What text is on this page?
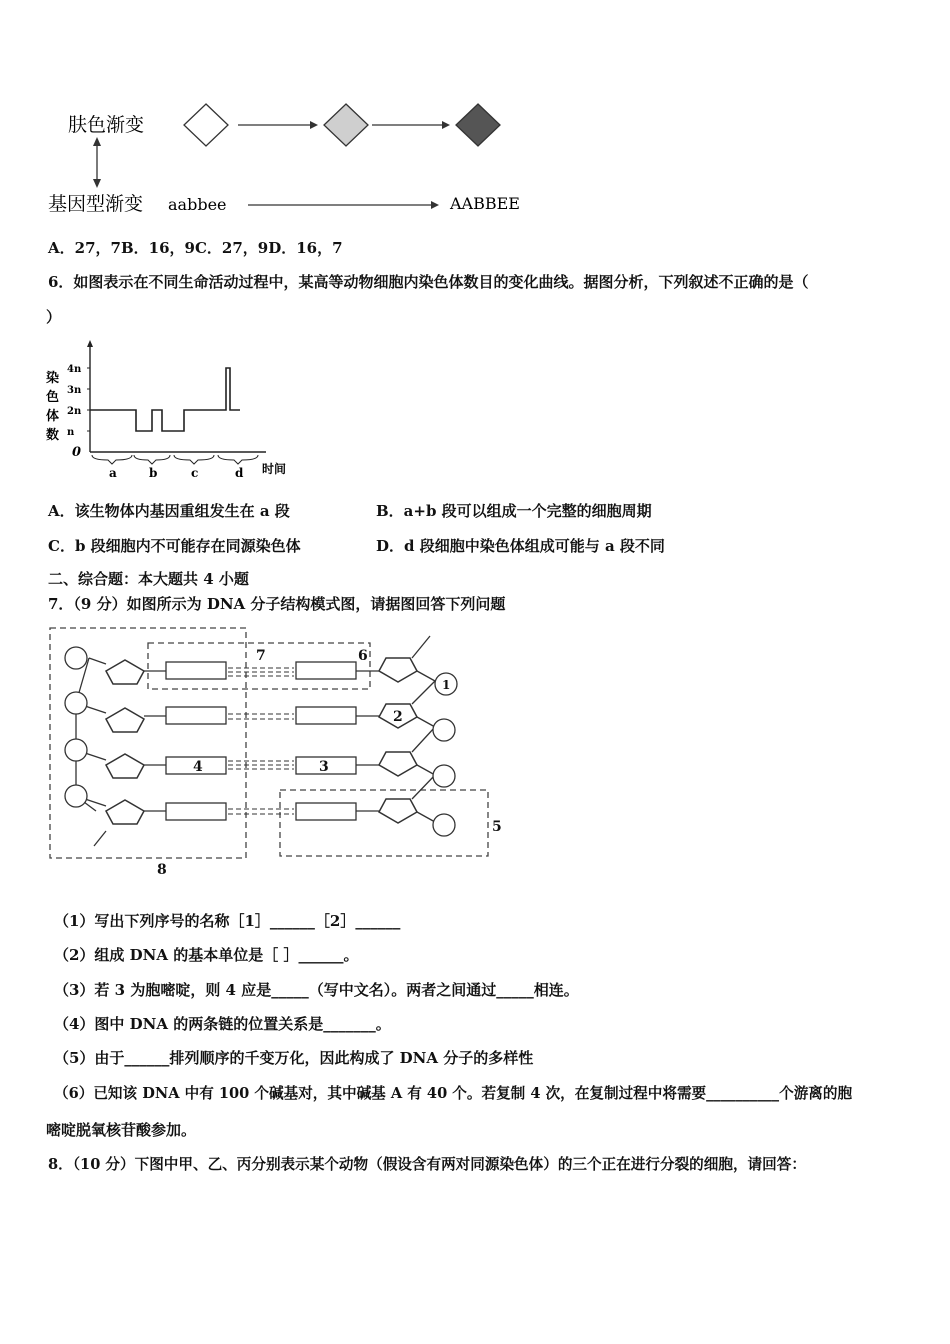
肤色渐变
基因型渐变 aabbee	AABBEE
A．27，7B．16，9C．27，9D．16，7
6．如图表示在不同生命活动过程中，某高等动物细胞内染色体数目的变化曲线。据图分析，下列叙述不正确的是（
）
染
色
体
数
4n
3n
2n
n
0
a	b	c	d 时间
A．该生物体内基因重组发生在 a 段	B．a+b 段可以组成一个完整的细胞周期
C．b 段细胞内不可能存在同源染色体	D．d 段细胞中染色体组成可能与 a 段不同
二、综合题：本大题共 4 小题
7．（9 分）如图所示为 DNA 分子结构模式图，请据图回答下列问题
1
2
3
4
5
6
7
8
（1）写出下列序号的名称［1］______［2］______
（2）组成 DNA 的基本单位是［ ］______。
（3）若 3 为胞嘧啶，则 4 应是_____（写中文名）。两者之间通过_____相连。
（4）图中 DNA 的两条链的位置关系是_______。
（5）由于______排列顺序的千变万化，因此构成了 DNA 分子的多样性
（6）已知该 DNA 中有 100 个碱基对，其中碱基 A 有 40 个。若复制 4 次，在复制过程中将需要__________个游离的胞
嘧啶脱氧核苷酸参加。
8．（10 分）下图中甲、乙、丙分别表示某个动物（假设含有两对同源染色体）的三个正在进行分裂的细胞，请回答：
